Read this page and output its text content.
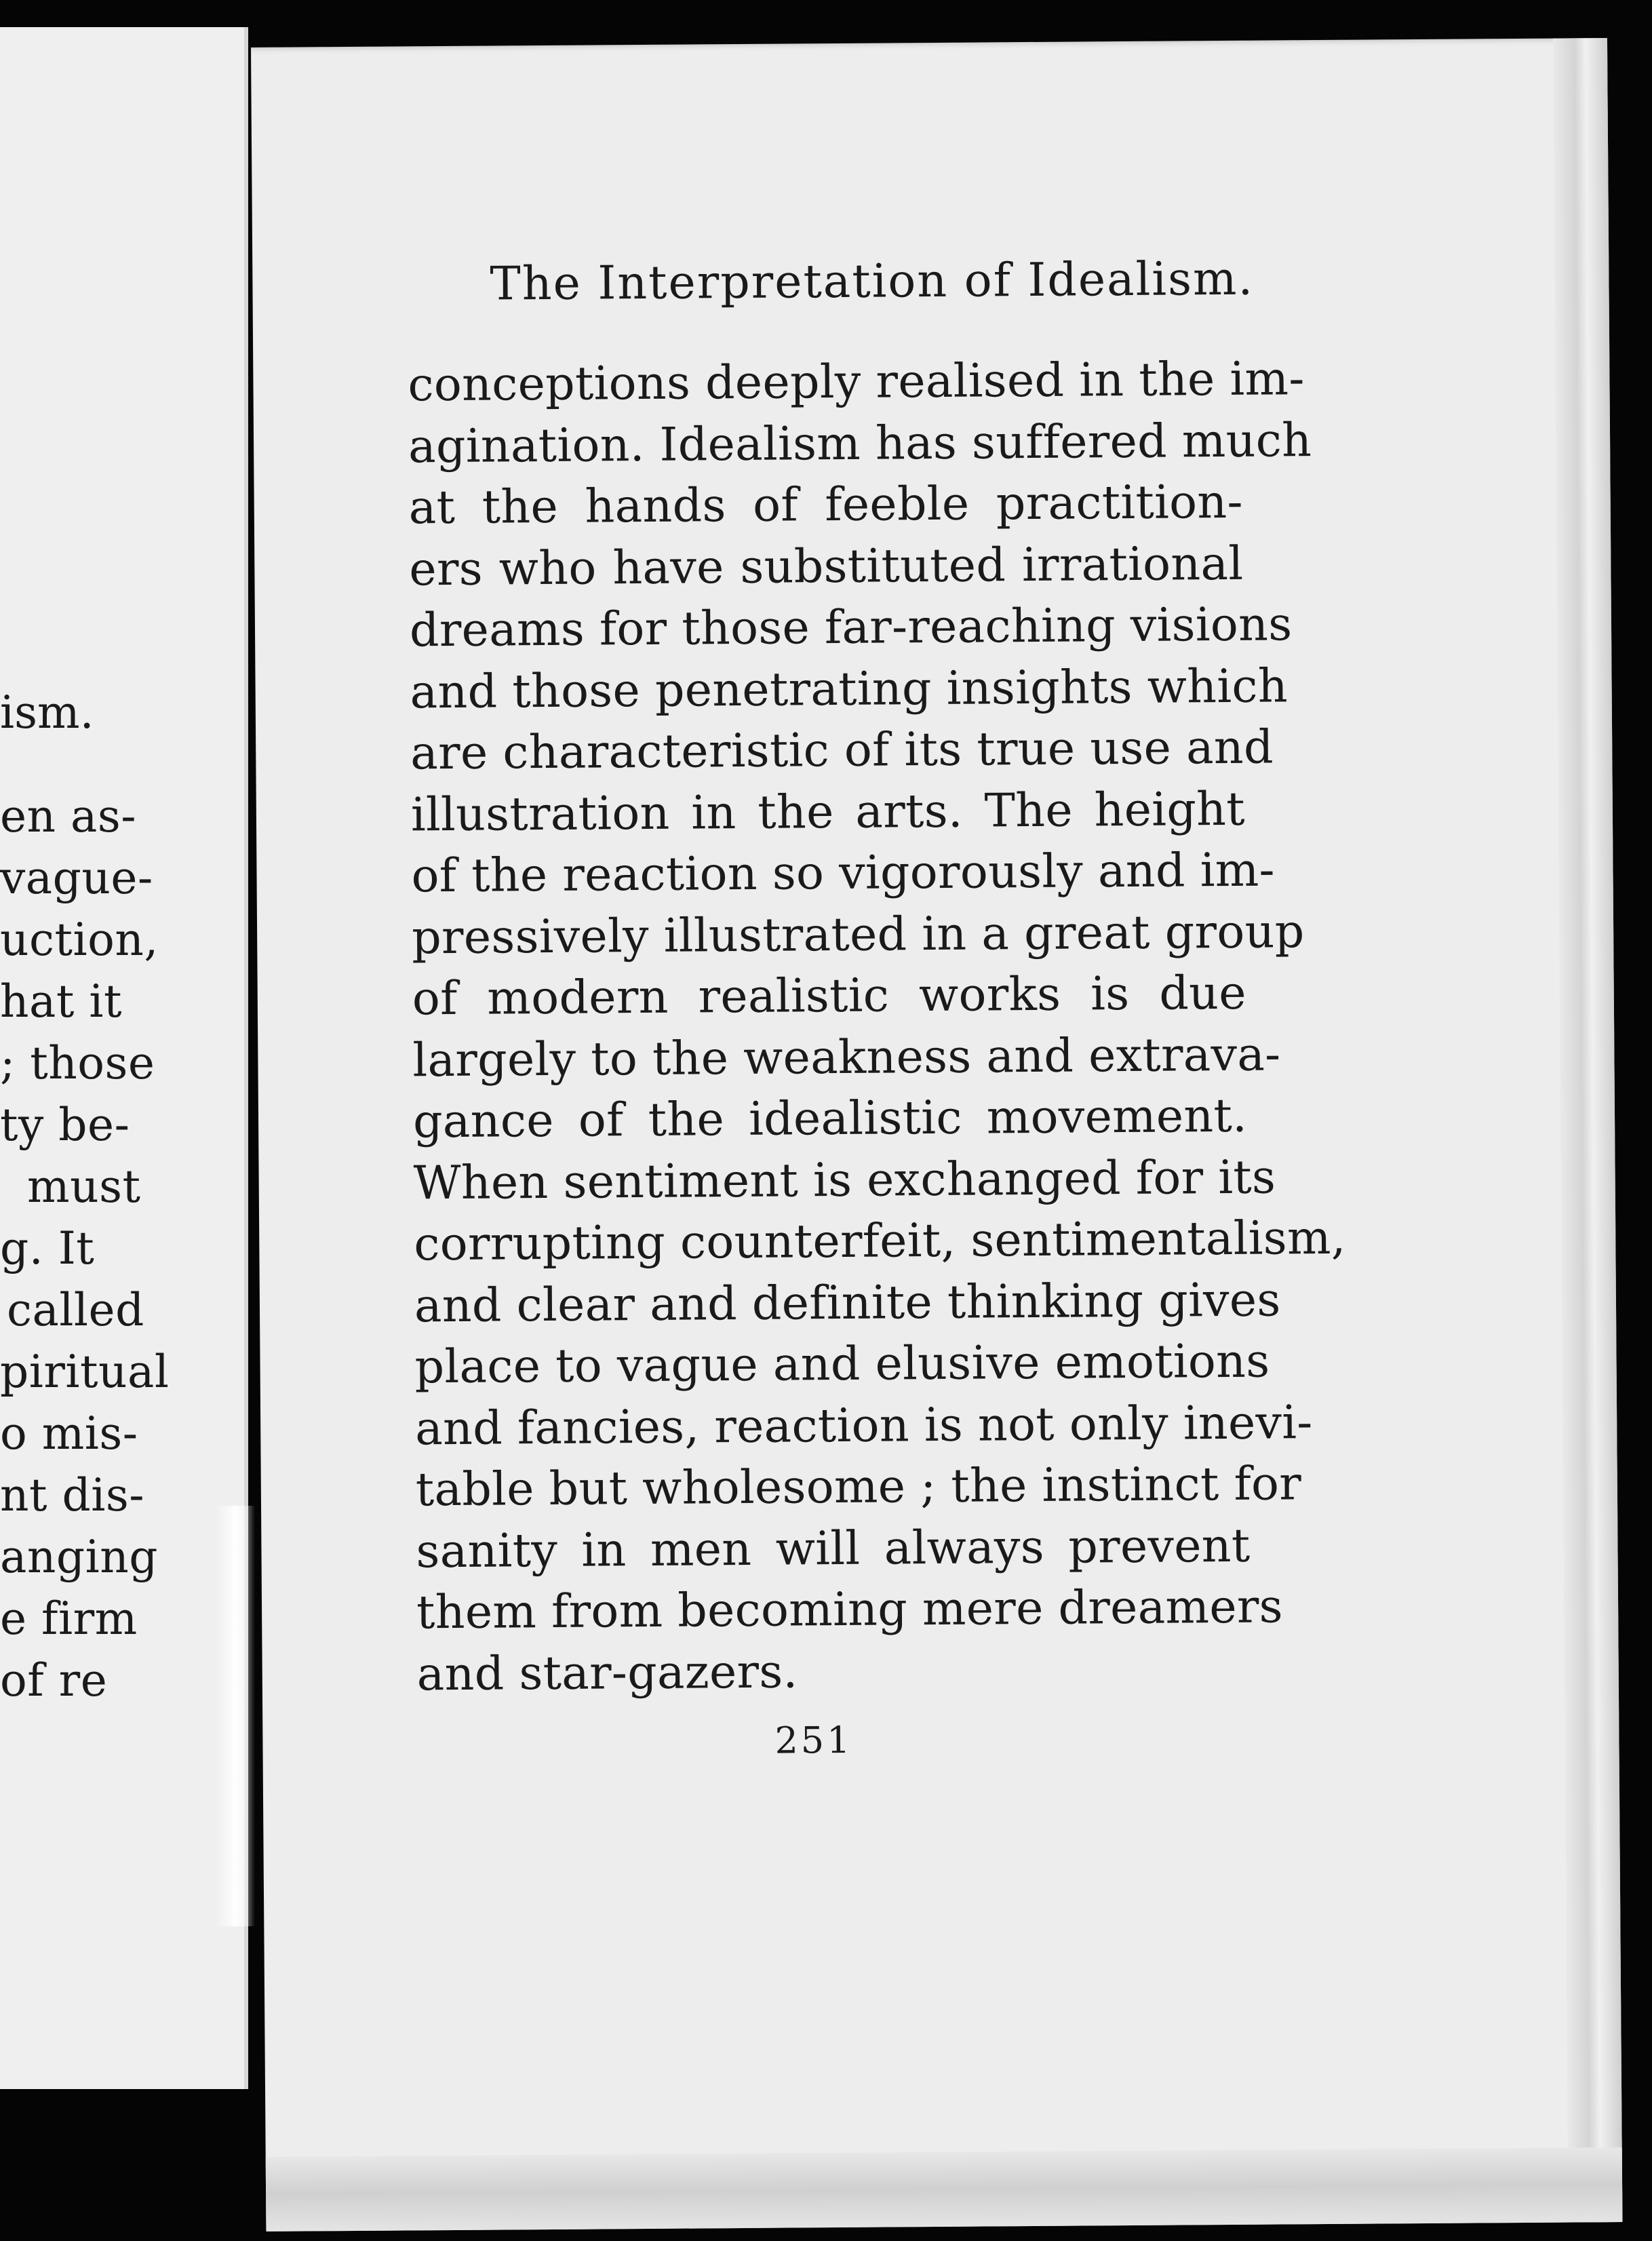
ism.
en as-
vague-
uction,
hat it
; those
ty be-
must
g. It
called
piritual
o mis-
nt dis-
anging
e firm
of re
The Interpretation of Idealism.
conceptions deeply realised in the im-
agination. Idealism has suffered much
at the hands of feeble practition-
ers who have substituted irrational
dreams for those far-reaching visions
and those penetrating insights which
are characteristic of its true use and
illustration in the arts. The height
of the reaction so vigorously and im-
pressively illustrated in a great group
of modern realistic works is due
largely to the weakness and extrava-
gance of the idealistic movement.
When sentiment is exchanged for its
corrupting counterfeit, sentimentalism,
and clear and definite thinking gives
place to vague and elusive emotions
and fancies, reaction is not only inevi-
table but wholesome ; the instinct for
sanity in men will always prevent
them from becoming mere dreamers
and star-gazers.
251
